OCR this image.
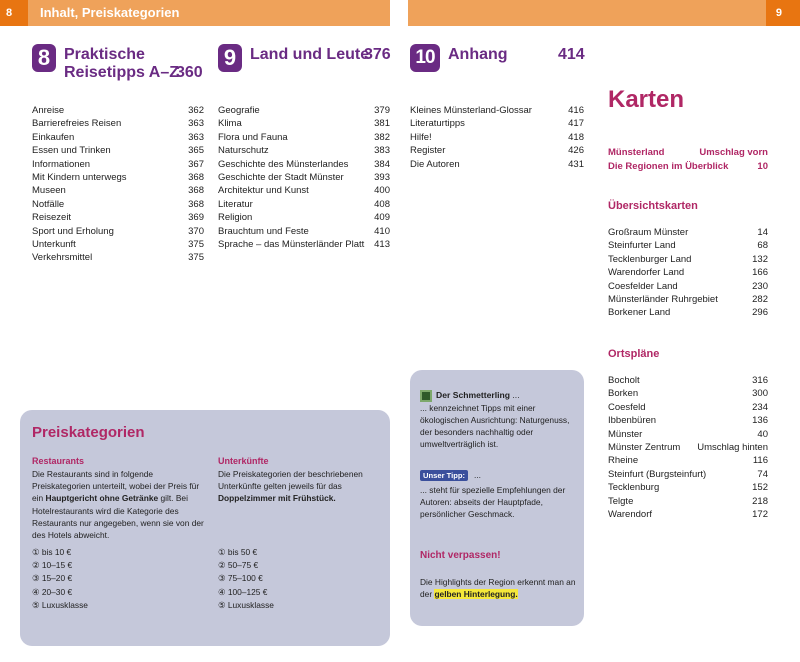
8	Inhalt, Preiskategorien	9
8 Praktische
Reisetipps A–Z
360
Anreise	362
Barrierefreies Reisen	363
Einkaufen	363
Essen und Trinken	365
Informationen	367
Mit Kindern unterwegs	368
Museen	368
Notfälle	368
Reisezeit	369
Sport und Erholung	370
Unterkunft	375
Verkehrsmittel	375
9 Land und Leute
376
Geografie	379
Klima	381
Flora und Fauna	382
Naturschutz	383
Geschichte des Münsterlandes	384
Geschichte der Stadt Münster	393
Architektur und Kunst	400
Literatur	408
Religion	409
Brauchtum und Feste	410
Sprache – das Münsterländer Platt	413
10 Anhang	414
Kleines Münsterland-Glossar	416
Literaturtipps	417
Hilfe!	418
Register	426
Die Autoren	431
Karten
Münsterland	Umschlag vorn
Die Regionen im Überblick	10
Übersichtskarten
Großraum Münster	14
Steinfurter Land	68
Tecklenburger Land	132
Warendorfer Land	166
Coesfelder Land	230
Münsterländer Ruhrgebiet	282
Borkener Land	296
Ortspläne
Bocholt	316
Borken	300
Coesfeld	234
Ibbenbüren	136
Münster	40
Münster Zentrum	Umschlag hinten
Rheine	116
Steinfurt (Burgsteinfurt)	74
Tecklenburg	152
Telgte	218
Warendorf	172
Preiskategorien
Restaurants
Die Restaurants sind in folgende Preiskategorien unterteilt, wobei der Preis für ein Hauptgericht ohne Getränke gilt. Bei Hotelrestaurants wird die Kategorie des Restaurants nur angegeben, wenn sie von der des Hotels abweicht.
① bis 10 €
② 10–15 €
③ 15–20 €
④ 20–30 €
⑤ Luxusklasse
Unterkünfte
Die Preiskategorien der beschriebenen Unterkünfte gelten jeweils für das Doppelzimmer mit Frühstück.
① bis 50 €
② 50–75 €
③ 75–100 €
④ 100–125 €
⑤ Luxusklasse
Der Schmetterling ...
... kennzeichnet Tipps mit einer ökologischen Ausrichtung: Naturgenuss, der besonders nachhaltig oder umweltverträglich ist.
Unser Tipp:	...
... steht für spezielle Empfehlungen der Autoren: abseits der Hauptpfade, persönlicher Geschmack.
Nicht verpassen!
Die Highlights der Region erkennt man an der gelben Hinterlegung.
